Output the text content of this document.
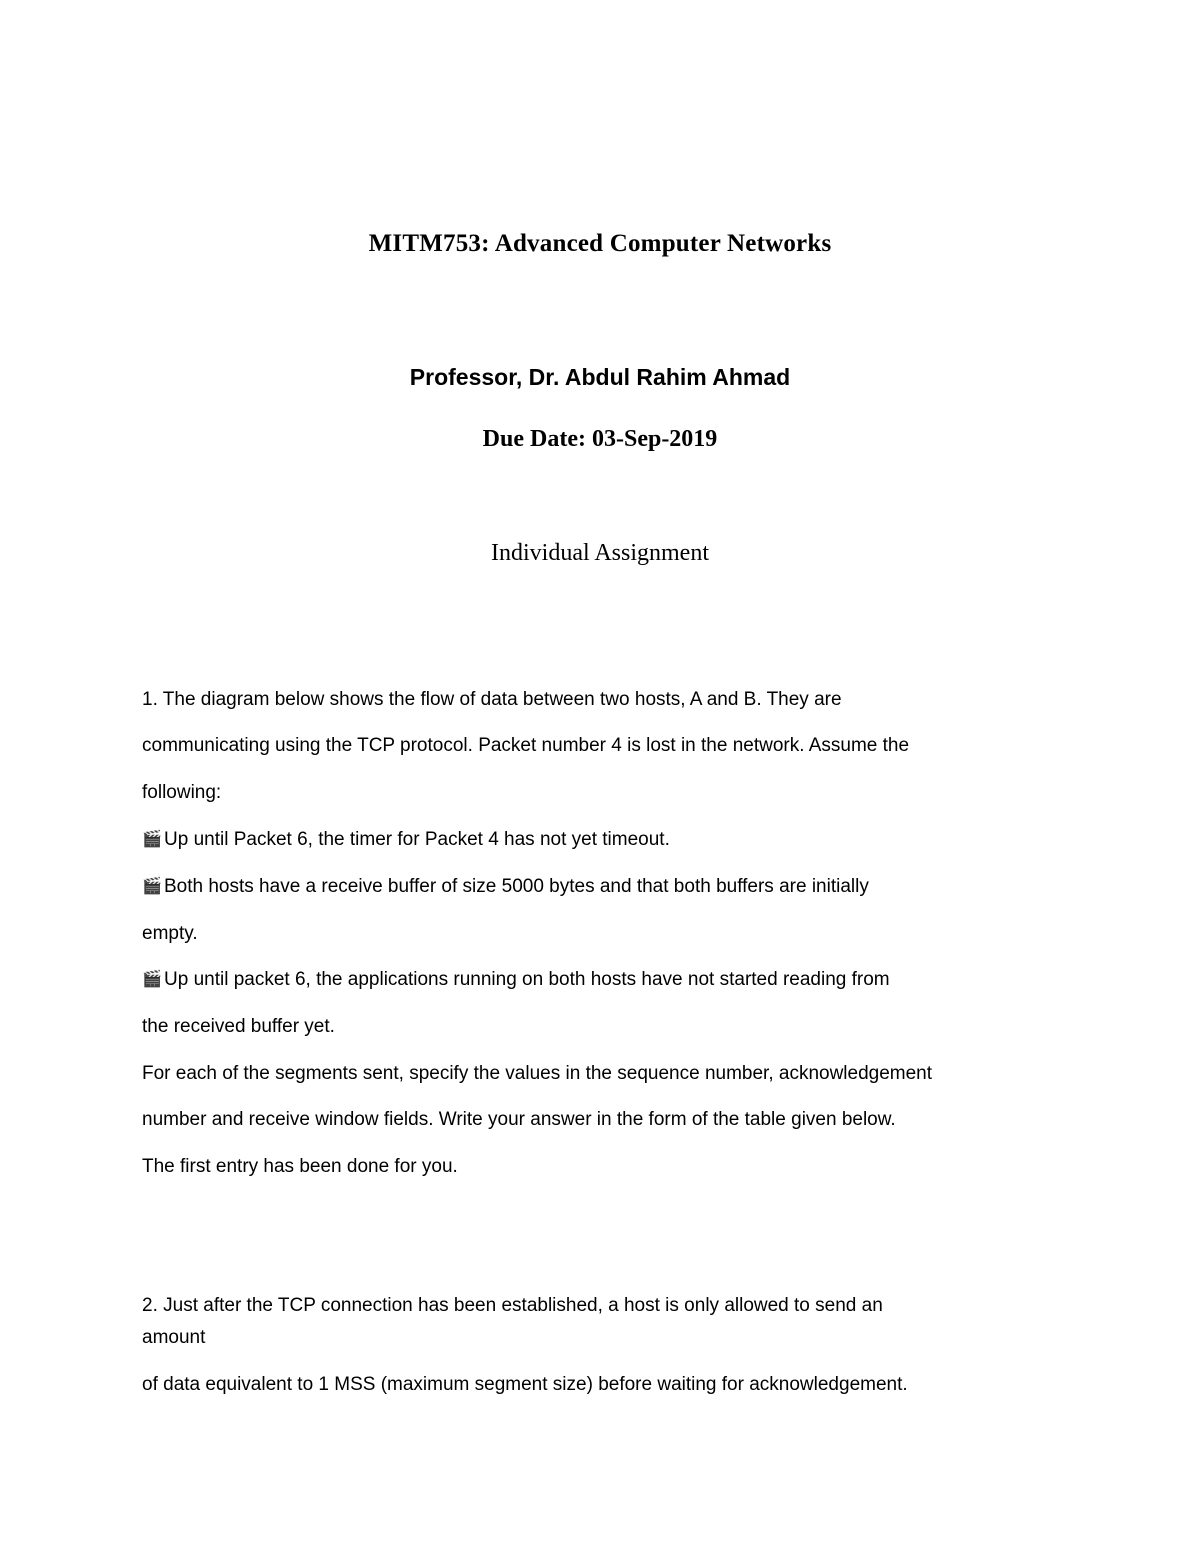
MITM753: Advanced Computer Networks
Professor, Dr. Abdul Rahim Ahmad
Due Date: 03-Sep-2019
Individual Assignment
1. The diagram below shows the flow of data between two hosts, A and B. They are
communicating using the TCP protocol. Packet number 4 is lost in the network. Assume the
following:
🎬 Up until Packet 6, the timer for Packet 4 has not yet timeout.
🎬 Both hosts have a receive buffer of size 5000 bytes and that both buffers are initially
empty.
🎬 Up until packet 6, the applications running on both hosts have not started reading from
the received buffer yet.
For each of the segments sent, specify the values in the sequence number, acknowledgement
number and receive window fields. Write your answer in the form of the table given below.
The first entry has been done for you.
2. Just after the TCP connection has been established, a host is only allowed to send an
amount
of data equivalent to 1 MSS (maximum segment size) before waiting for acknowledgement.
